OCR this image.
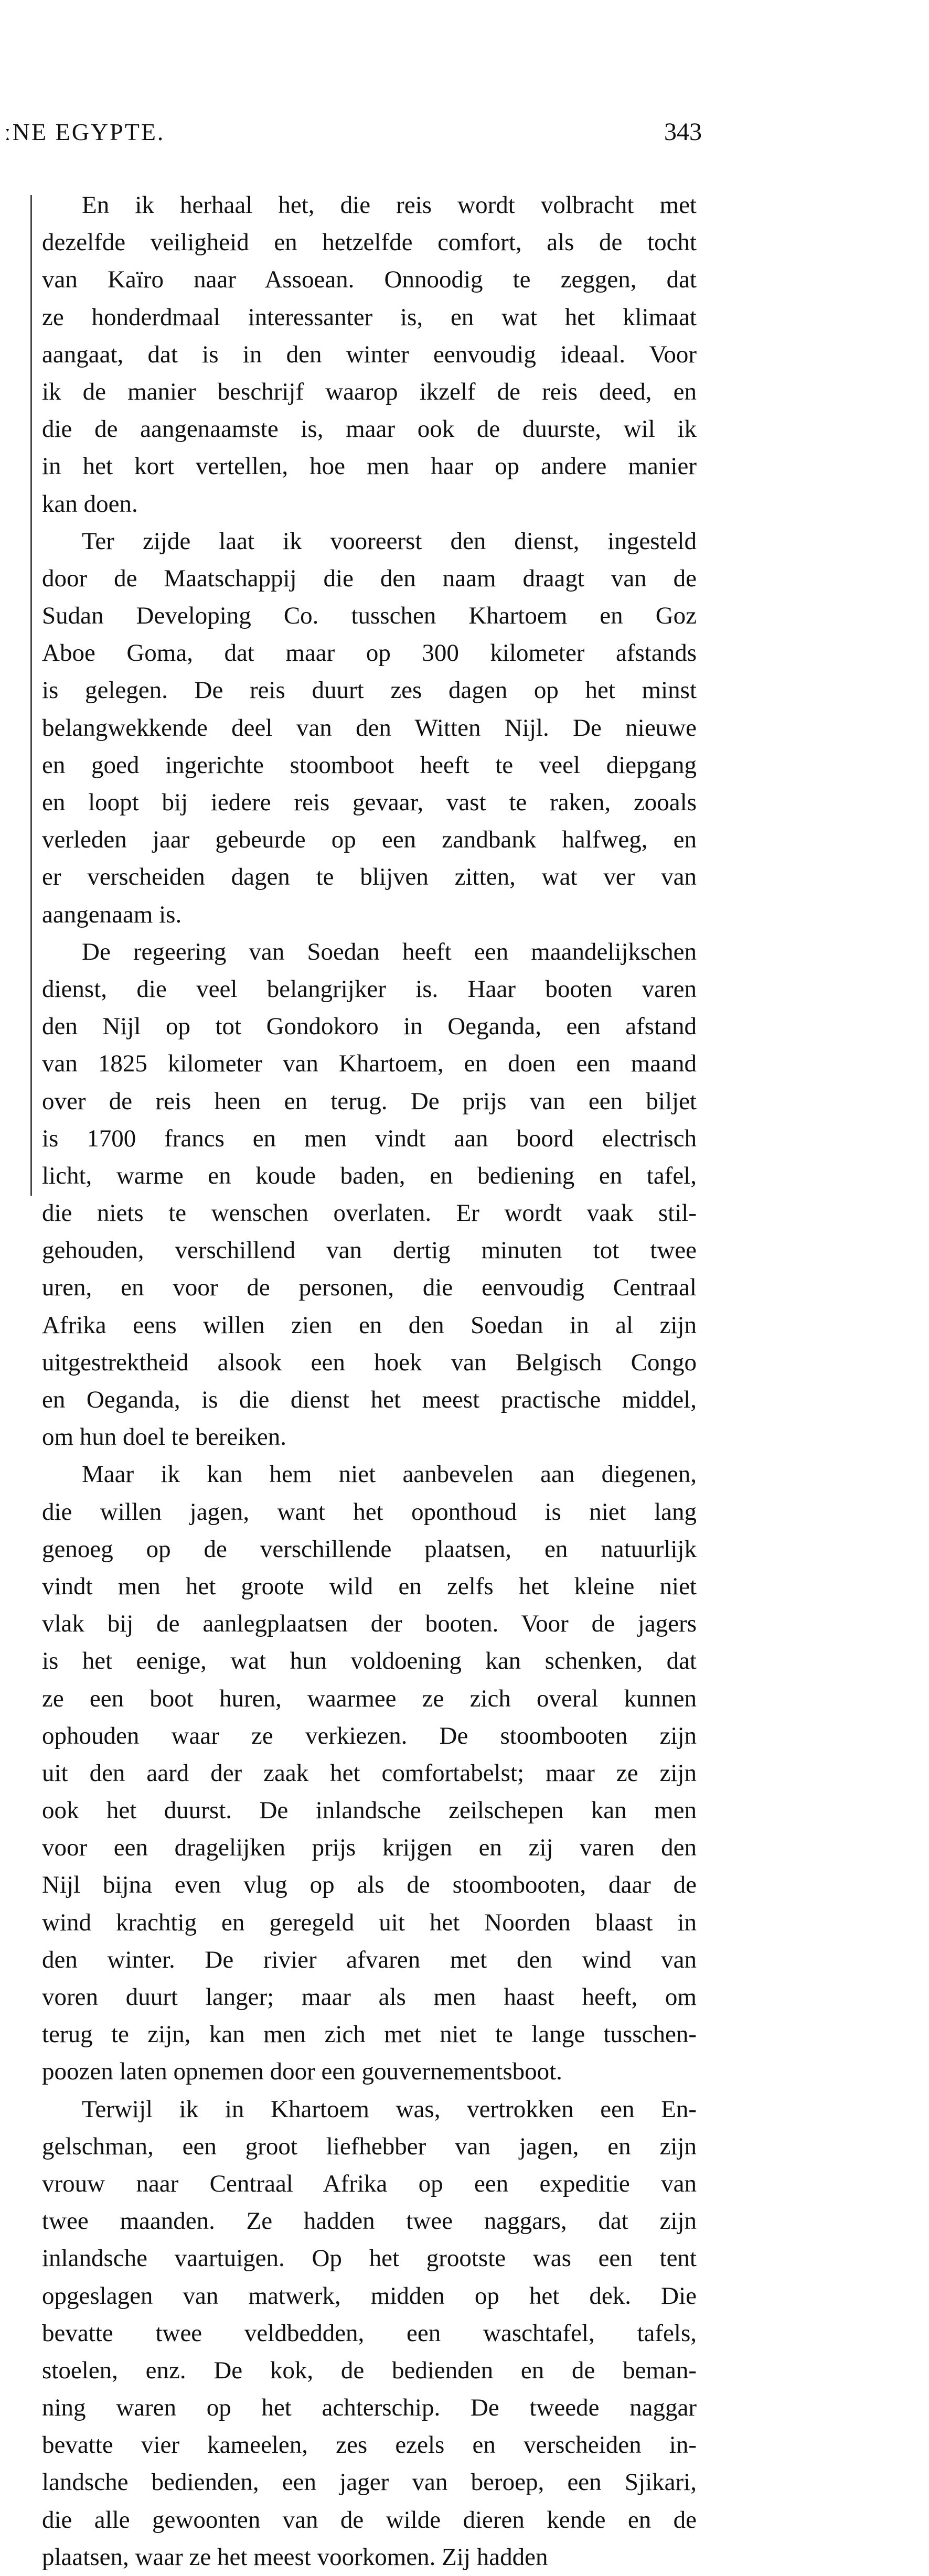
ːNE EGYPTE.	343
En ik herhaal het, die reis wordt volbracht met
dezelfde veiligheid en hetzelfde comfort, als de tocht
van Kaïro naar Assoean. Onnoodig te zeggen, dat
ze honderdmaal interessanter is, en wat het klimaat
aangaat, dat is in den winter eenvoudig ideaal. Voor
ik de manier beschrijf waarop ikzelf de reis deed, en
die de aangenaamste is, maar ook de duurste, wil ik
in het kort vertellen, hoe men haar op andere manier
kan doen.
Ter zijde laat ik vooreerst den dienst, ingesteld
door de Maatschappij die den naam draagt van de
Sudan Developing Co. tusschen Khartoem en Goz
Aboe Goma, dat maar op 300 kilometer afstands
is gelegen. De reis duurt zes dagen op het minst
belangwekkende deel van den Witten Nijl. De nieuwe
en goed ingerichte stoomboot heeft te veel diepgang
en loopt bij iedere reis gevaar, vast te raken, zooals
verleden jaar gebeurde op een zandbank halfweg, en
er verscheiden dagen te blijven zitten, wat ver van
aangenaam is.
De regeering van Soedan heeft een maandelijkschen
dienst, die veel belangrijker is. Haar booten varen
den Nijl op tot Gondokoro in Oeganda, een afstand
van 1825 kilometer van Khartoem, en doen een maand
over de reis heen en terug. De prijs van een biljet
is 1700 francs en men vindt aan boord electrisch
licht, warme en koude baden, en bediening en tafel,
die niets te wenschen overlaten. Er wordt vaak stil-
gehouden, verschillend van dertig minuten tot twee
uren, en voor de personen, die eenvoudig Centraal
Afrika eens willen zien en den Soedan in al zijn
uitgestrektheid alsook een hoek van Belgisch Congo
en Oeganda, is die dienst het meest practische middel,
om hun doel te bereiken.
Maar ik kan hem niet aanbevelen aan diegenen,
die willen jagen, want het oponthoud is niet lang
genoeg op de verschillende plaatsen, en natuurlijk
vindt men het groote wild en zelfs het kleine niet
vlak bij de aanlegplaatsen der booten. Voor de jagers
is het eenige, wat hun voldoening kan schenken, dat
ze een boot huren, waarmee ze zich overal kunnen
ophouden waar ze verkiezen. De stoombooten zijn
uit den aard der zaak het comfortabelst; maar ze zijn
ook het duurst. De inlandsche zeilschepen kan men
voor een dragelijken prijs krijgen en zij varen den
Nijl bijna even vlug op als de stoombooten, daar de
wind krachtig en geregeld uit het Noorden blaast in
den winter. De rivier afvaren met den wind van
voren duurt langer; maar als men haast heeft, om
terug te zijn, kan men zich met niet te lange tusschen-
poozen laten opnemen door een gouvernementsboot.
Terwijl ik in Khartoem was, vertrokken een En-
gelschman, een groot liefhebber van jagen, en zijn
vrouw naar Centraal Afrika op een expeditie van
twee maanden. Ze hadden twee naggars, dat zijn
inlandsche vaartuigen. Op het grootste was een tent
opgeslagen van matwerk, midden op het dek. Die
bevatte twee veldbedden, een waschtafel, tafels,
stoelen, enz. De kok, de bedienden en de beman-
ning waren op het achterschip. De tweede naggar
bevatte vier kameelen, zes ezels en verscheiden in-
landsche bedienden, een jager van beroep, een Sjikari,
die alle gewoonten van de wilde dieren kende en de
plaatsen, waar ze het meest voorkomen. Zij hadden
